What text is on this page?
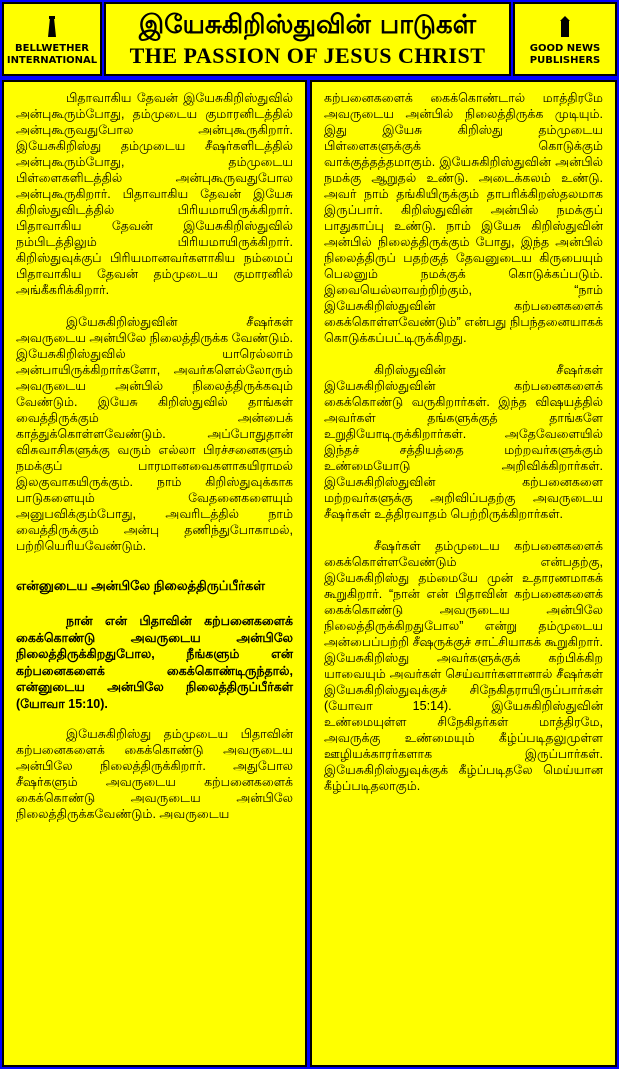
BELLWETHER INTERNATIONAL
இயேசுகிறிஸ்துவின் பாடுகள்
THE PASSION OF JESUS CHRIST	GOOD NEWS PUBLISHERS

பிதாவாகிய தேவன் இயேசுகிறிஸ்துவில் அன்புகூரும்போது, தம்முடைய குமாரனிடத்தில் அன்புகூருவதுபோல அன்புகூருகிறார். இயேசுகிறிஸ்து தம்முடைய சீஷர்களிடத்தில் அன்புகூரும்போது, தம்முடைய பிள்ளைகளிடத்தில் அன்புகூருவதுபோல அன்புகூருகிறார். பிதாவாகிய தேவன் இயேசு கிறிஸ்துவிடத்தில் பிரியமாயிருக்கிறார். பிதாவாகிய தேவன் இயேசுகிறிஸ்துவில் நம்பிடத்திலும் பிரியமாயிருக்கிறார். கிறிஸ்துவுக்குப் பிரியமானவர்களாகிய நம்மைப் பிதாவாகிய தேவன் தம்முடைய குமாரனில் அங்கீகரிக்கிறார்.

இயேசுகிறிஸ்துவின் சீஷர்கள் அவருடைய அன்பிலே நிலைத்திருக்க வேண்டும். இயேசுகிறிஸ்துவில் யாரெல்லாம் அன்பாயிருக்கிறார்களோ, அவர்களெல்லோரும் அவருடைய அன்பில் நிலைத்திருக்கவும் வேண்டும். இயேசு கிறிஸ்துவில் தாங்கள் வைத்திருக்கும் அன்பைக் காத்துக்கொள்ளவேண்டும். அப்போதுதான் விசுவாசிகளுக்கு வரும் எல்லா பிரச்சனைகளும் நமக்குப் பாரமானவைகளாகயிராமல் இலகுவாகயிருக்கும். நாம் கிறிஸ்துவுக்காக பாடுகளையும் வேதனைகளையும் அனுபவிக்கும்போது, அவரிடத்தில் நாம் வைத்திருக்கும் அன்பு தணிந்துபோகாமல், பற்றியெரியவேண்டும்.

என்னுடைய அன்பிலே நிலைத்திருப்பீர்கள்

நான் என் பிதாவின் கற்பனைகளைக் கைக்கொண்டு அவருடைய அன்பிலே நிலைத்திருக்கிறதுபோல, நீங்களும் என் கற்பனைகளைக் கைக்கொண்டிருந்தால், என்னுடைய அன்பிலே நிலைத்திருப்பீர்கள் (யோவா 15:10).

இயேசுகிறிஸ்து தம்முடைய பிதாவின் கற்பனைகளைக் கைக்கொண்டு அவருடைய அன்பிலே நிலைத்திருக்கிறார். அதுபோல சீஷர்களும் அவருடைய கற்பனைகளைக் கைக்கொண்டு அவருடைய அன்பிலே நிலைத்திருக்கவேண்டும். அவருடைய

கற்பனைகளைக் கைக்கொண்டால் மாத்திரமே அவருடைய அன்பில் நிலைத்திருக்க முடியும். இது இயேசு கிறிஸ்து தம்முடைய பிள்ளைகளுக்குக் கொடுக்கும் வாக்குத்தத்தமாகும். இயேசுகிறிஸ்துவின் அன்பில் நமக்கு ஆறுதல் உண்டு. அடைக்கலம் உண்டு. அவர் நாம் தங்கியிருக்கும் தாபரிக்கிறஸ்தலமாக இருப்பார். கிறிஸ்துவின் அன்பில் நமக்குப் பாதுகாப்பு உண்டு. நாம் இயேசு கிறிஸ்துவின் அன்பில் நிலைத்திருக்கும் போது, இந்த அன்பில் நிலைத்திருப் பதற்குத் தேவனுடைய கிருபையும் பெலனும் நமக்குக் கொடுக்கப்படும். இவையெல்லாவற்றிற்கும், “நாம் இயேசுகிறிஸ்துவின் கற்பனைகளைக் கைக்கொள்ளவேண்டும்” என்பது நிபந்தனையாகக் கொடுக்கப்பட்டிருக்கிறது.

கிறிஸ்துவின் சீஷர்கள் இயேசுகிறிஸ்துவின் கற்பனைகளைக் கைக்கொண்டு வருகிறார்கள். இந்த விஷயத்தில் அவர்கள் தங்களுக்குத் தாங்களே உறுதியோடிருக்கிறார்கள். அதேவேளையில் இந்தச் சத்தியத்தை மற்றவர்களுக்கும் உண்மையோடு அறிவிக்கிறார்கள். இயேசுகிறிஸ்துவின் கற்பனைகளை மற்றவர்களுக்கு அறிவிப்பதற்கு அவருடைய சீஷர்கள் உத்திரவாதம் பெற்றிருக்கிறார்கள்.

சீஷர்கள் தம்முடைய கற்பனைகளைக் கைக்கொள்ளவேண்டும் என்பதற்கு, இயேசுகிறிஸ்து தம்மையே முன் உதாரணமாகக் கூறுகிறார். “நான் என் பிதாவின் கற்பனைகளைக் கைக்கொண்டு அவருடைய அன்பிலே நிலைத்திருக்கிறதுபோல” என்று தம்முடைய அன்பைப்பற்றி சீஷருக்குச் சாட்சியாகக் கூறுகிறார். இயேசுகிறிஸ்து அவர்களுக்குக் கற்பிக்கிற யாவையும் அவர்கள் செய்வார்களானால் சீஷர்கள் இயேசுகிறிஸ்துவுக்குச் சிநேகிதராயிருப்பார்கள் (யோவா 15:14). இயேசுகிறிஸ்துவின் உண்மையுள்ள சிநேகிதர்கள் மாத்திரமே, அவருக்கு உண்மையும் கீழ்ப்படிதலுமுள்ள ஊழியக்காரர்களாக இருப்பார்கள். இயேசுகிறிஸ்துவுக்குக் கீழ்ப்படிதலே மெய்யான கீழ்ப்படிதலாகும்.
